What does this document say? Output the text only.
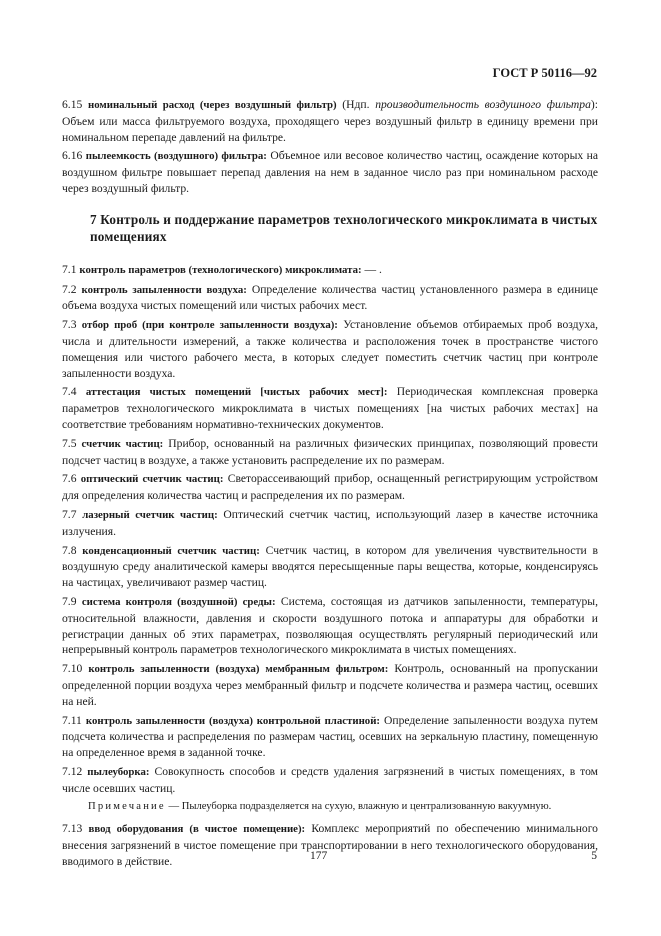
ГОСТ Р 50116—92

6.15 номинальный расход (через воздушный фильтр) (Ндп. производительность воздушного фильтра): Объем или масса фильтруемого воздуха, проходящего через воздушный фильтр в единицу времени при номинальном перепаде давлений на фильтре.

6.16 пылеемкость (воздушного) фильтра: Объемное или весовое количество частиц, осаждение которых на воздушном фильтре повышает перепад давления на нем в заданное число раз при номинальном расходе через воздушный фильтр.

7 Контроль и поддержание параметров технологического микроклимата в чистых помещениях

7.1 контроль параметров (технологического) микроклимата: — .

7.2 контроль запыленности воздуха: Определение количества частиц установленного размера в единице объема воздуха чистых помещений или чистых рабочих мест.

7.3 отбор проб (при контроле запыленности воздуха): Установление объемов отбираемых проб воздуха, числа и длительности измерений, а также количества и расположения точек в пространстве чистого помещения или чистого рабочего места, в которых следует поместить счетчик частиц при контроле запыленности воздуха.

7.4 аттестация чистых помещений [чистых рабочих мест]: Периодическая комплексная проверка параметров технологического микроклимата в чистых помещениях [на чистых рабочих местах] на соответствие требованиям нормативно-технических документов.

7.5 счетчик частиц: Прибор, основанный на различных физических принципах, позволяющий провести подсчет частиц в воздухе, а также установить распределение их по размерам.

7.6 оптический счетчик частиц: Светорассеивающий прибор, оснащенный регистрирующим устройством для определения количества частиц и распределения их по размерам.

7.7 лазерный счетчик частиц: Оптический счетчик частиц, использующий лазер в качестве источника излучения.

7.8 конденсационный счетчик частиц: Счетчик частиц, в котором для увеличения чувствительности в воздушную среду аналитической камеры вводятся пересыщенные пары вещества, которые, конденсируясь на частицах, увеличивают размер частиц.

7.9 система контроля (воздушной) среды: Система, состоящая из датчиков запыленности, температуры, относительной влажности, давления и скорости воздушного потока и аппаратуры для обработки и регистрации данных об этих параметрах, позволяющая осуществлять регулярный периодический или непрерывный контроль параметров технологического микроклимата в чистых помещениях.

7.10 контроль запыленности (воздуха) мембранным фильтром: Контроль, основанный на пропускании определенной порции воздуха через мембранный фильтр и подсчете количества и размера частиц, осевших на ней.

7.11 контроль запыленности (воздуха) контрольной пластиной: Определение запыленности воздуха путем подсчета количества и распределения по размерам частиц, осевших на зеркальную пластину, помещенную на определенное время в заданной точке.

7.12 пылеуборка: Совокупность способов и средств удаления загрязнений в чистых помещениях, в том числе осевших частиц.

Примечание — Пылеуборка подразделяется на сухую, влажную и централизованную вакуумную.

7.13 ввод оборудования (в чистое помещение): Комплекс мероприятий по обеспечению минимального внесения загрязнений в чистое помещение при транспортировании в него технологического оборудования, вводимого в действие.	177	5
